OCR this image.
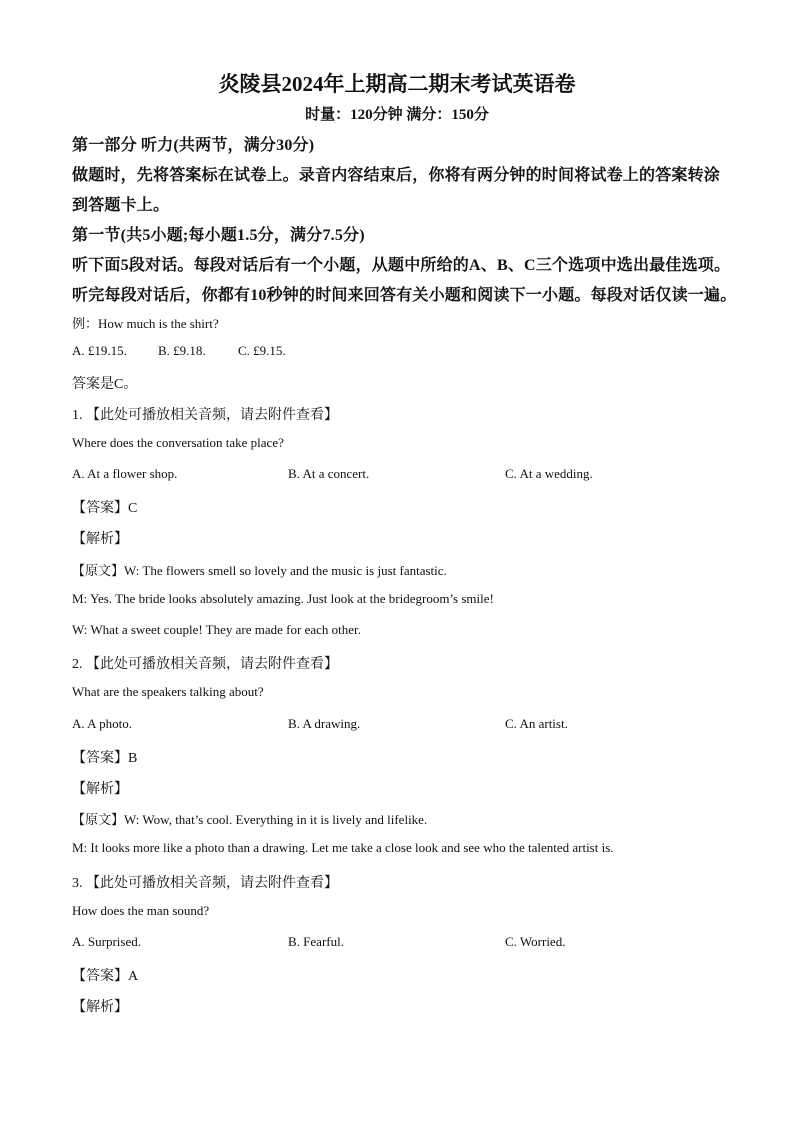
炎陵县2024年上期高二期末考试英语卷
时量：120分钟 满分：150分
第一部分 听力(共两节，满分30分)
做题时，先将答案标在试卷上。录音内容结束后，你将有两分钟的时间将试卷上的答案转涂
到答题卡上。
第一节(共5小题;每小题1.5分，满分7.5分)
听下面5段对话。每段对话后有一个小题，从题中所给的A、B、C三个选项中选出最佳选项。
听完每段对话后，你都有10秒钟的时间来回答有关小题和阅读下一小题。每段对话仅读一遍。
例：How much is the shirt?
A. £19.15. B. £9.18. C. £9.15.
答案是C。
1. 【此处可播放相关音频，请去附件查看】
Where does the conversation take place?
A. At a flower shop.	B. At a concert.	C. At a wedding.
【答案】C
【解析】
【原文】W: The flowers smell so lovely and the music is just fantastic.
M: Yes. The bride looks absolutely amazing. Just look at the bridegroom’s smile!
W: What a sweet couple! They are made for each other.
2. 【此处可播放相关音频，请去附件查看】
What are the speakers talking about?
A. A photo.	B. A drawing.	C. An artist.
【答案】B
【解析】
【原文】W: Wow, that’s cool. Everything in it is lively and lifelike.
M: It looks more like a photo than a drawing. Let me take a close look and see who the talented artist is.
3. 【此处可播放相关音频，请去附件查看】
How does the man sound?
A. Surprised.	B. Fearful.	C. Worried.
【答案】A
【解析】
